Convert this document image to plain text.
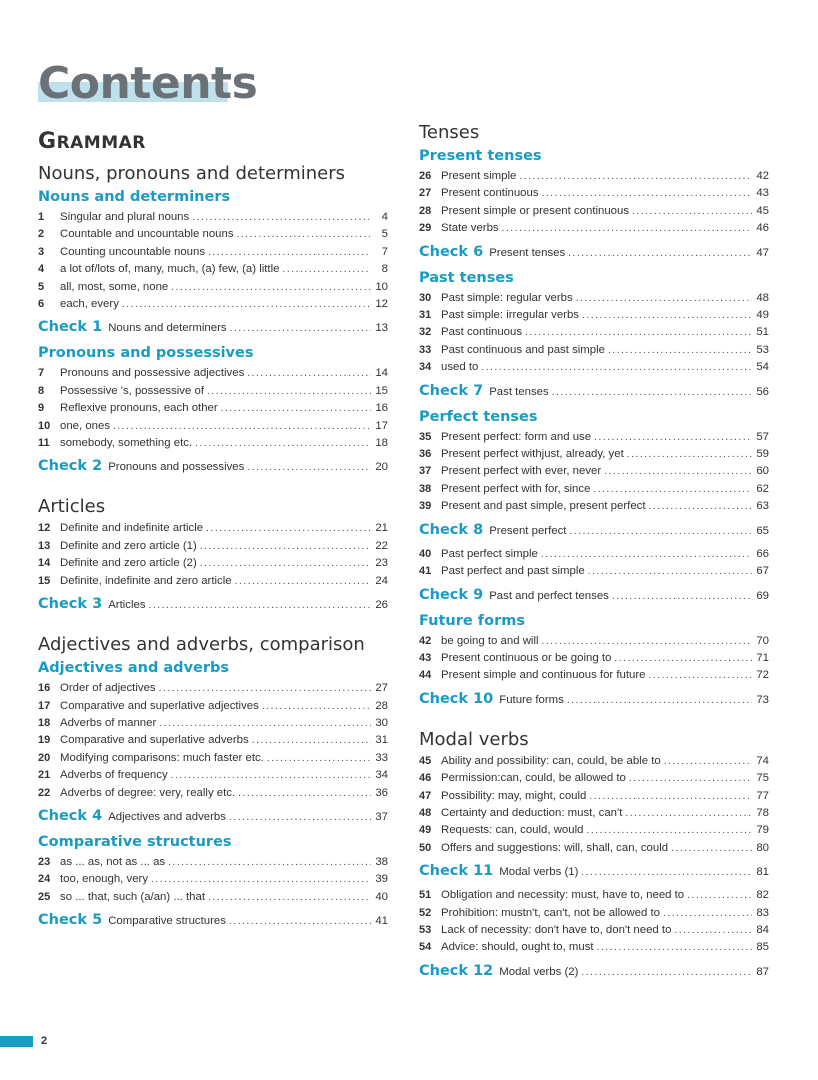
Contents
GRAMMAR
Nouns, pronouns and determiners
Nouns and determiners
1	Singular and plural nouns .....	4
2	Countable and uncountable nouns .....	5
3	Counting uncountable nouns .....	7
4	a lot of/lots of, many, much, (a) few, (a) little .....	8
5	all, most, some, none .....	10
6	each, every .....	12
Check 1 Nouns and determiners .....	13
Pronouns and possessives
7	Pronouns and possessive adjectives .....	14
8	Possessive 's, possessive of .....	15
9	Reflexive pronouns, each other .....	16
10 one, ones .....	17
11 somebody, something etc. .....	18
Check 2 Pronouns and possessives .....	20
Articles
12 Definite and indefinite article .....	21
13 Definite and zero article (1) .....	22
14 Definite and zero article (2) .....	23
15 Definite, indefinite and zero article .....	24
Check 3 Articles .....	26
Adjectives and adverbs, comparison
Adjectives and adverbs
16 Order of adjectives .....	27
17 Comparative and superlative adjectives .....	28
18 Adverbs of manner .....	30
19 Comparative and superlative adverbs .....	31
20 Modifying comparisons: much faster etc. .....	33
21 Adverbs of frequency .....	34
22 Adverbs of degree: very, really etc. .....	36
Check 4 Adjectives and adverbs .....	37
Comparative structures
23 as ... as, not as ... as .....	38
24 too, enough, very .....	39
25 so ... that, such (a/an) ... that .....	40
Check 5 Comparative structures .....	41
Tenses
Present tenses
26 Present simple .....	42
27 Present continuous .....	43
28 Present simple or present continuous .....	45
29 State verbs .....	46
Check 6 Present tenses .....	47
Past tenses
30 Past simple: regular verbs .....	48
31 Past simple: irregular verbs .....	49
32 Past continuous .....	51
33 Past continuous and past simple .....	53
34 used to .....	54
Check 7 Past tenses .....	56
Perfect tenses
35 Present perfect: form and use .....	57
36 Present perfect withjust, already, yet .....	59
37 Present perfect with ever, never .....	60
38 Present perfect with for, since .....	62
39 Present and past simple, present perfect .....	63
Check 8 Present perfect .....	65
40 Past perfect simple .....	66
41 Past perfect and past simple .....	67
Check 9 Past and perfect tenses .....	69
Future forms
42 be going to and will .....	70
43 Present continuous or be going to .....	71
44 Present simple and continuous for future .....	72
Check 10 Future forms .....	73
Modal verbs
45 Ability and possibility: can, could, be able to .....	74
46 Permission:can, could, be allowed to .....	75
47 Possibility: may, might, could .....	77
48 Certainty and deduction: must, can't .....	78
49 Requests: can, could, would .....	79
50 Offers and suggestions: will, shall, can, could .....	80
Check 11 Modal verbs (1) .....	81
51 Obligation and necessity: must, have to, need to .....	82
52 Prohibition: mustn't, can't, not be allowed to .....	83
53 Lack of necessity: don't have to, don't need to .....	84
54 Advice: should, ought to, must .....	85
Check 12 Modal verbs (2) .....	87
2
